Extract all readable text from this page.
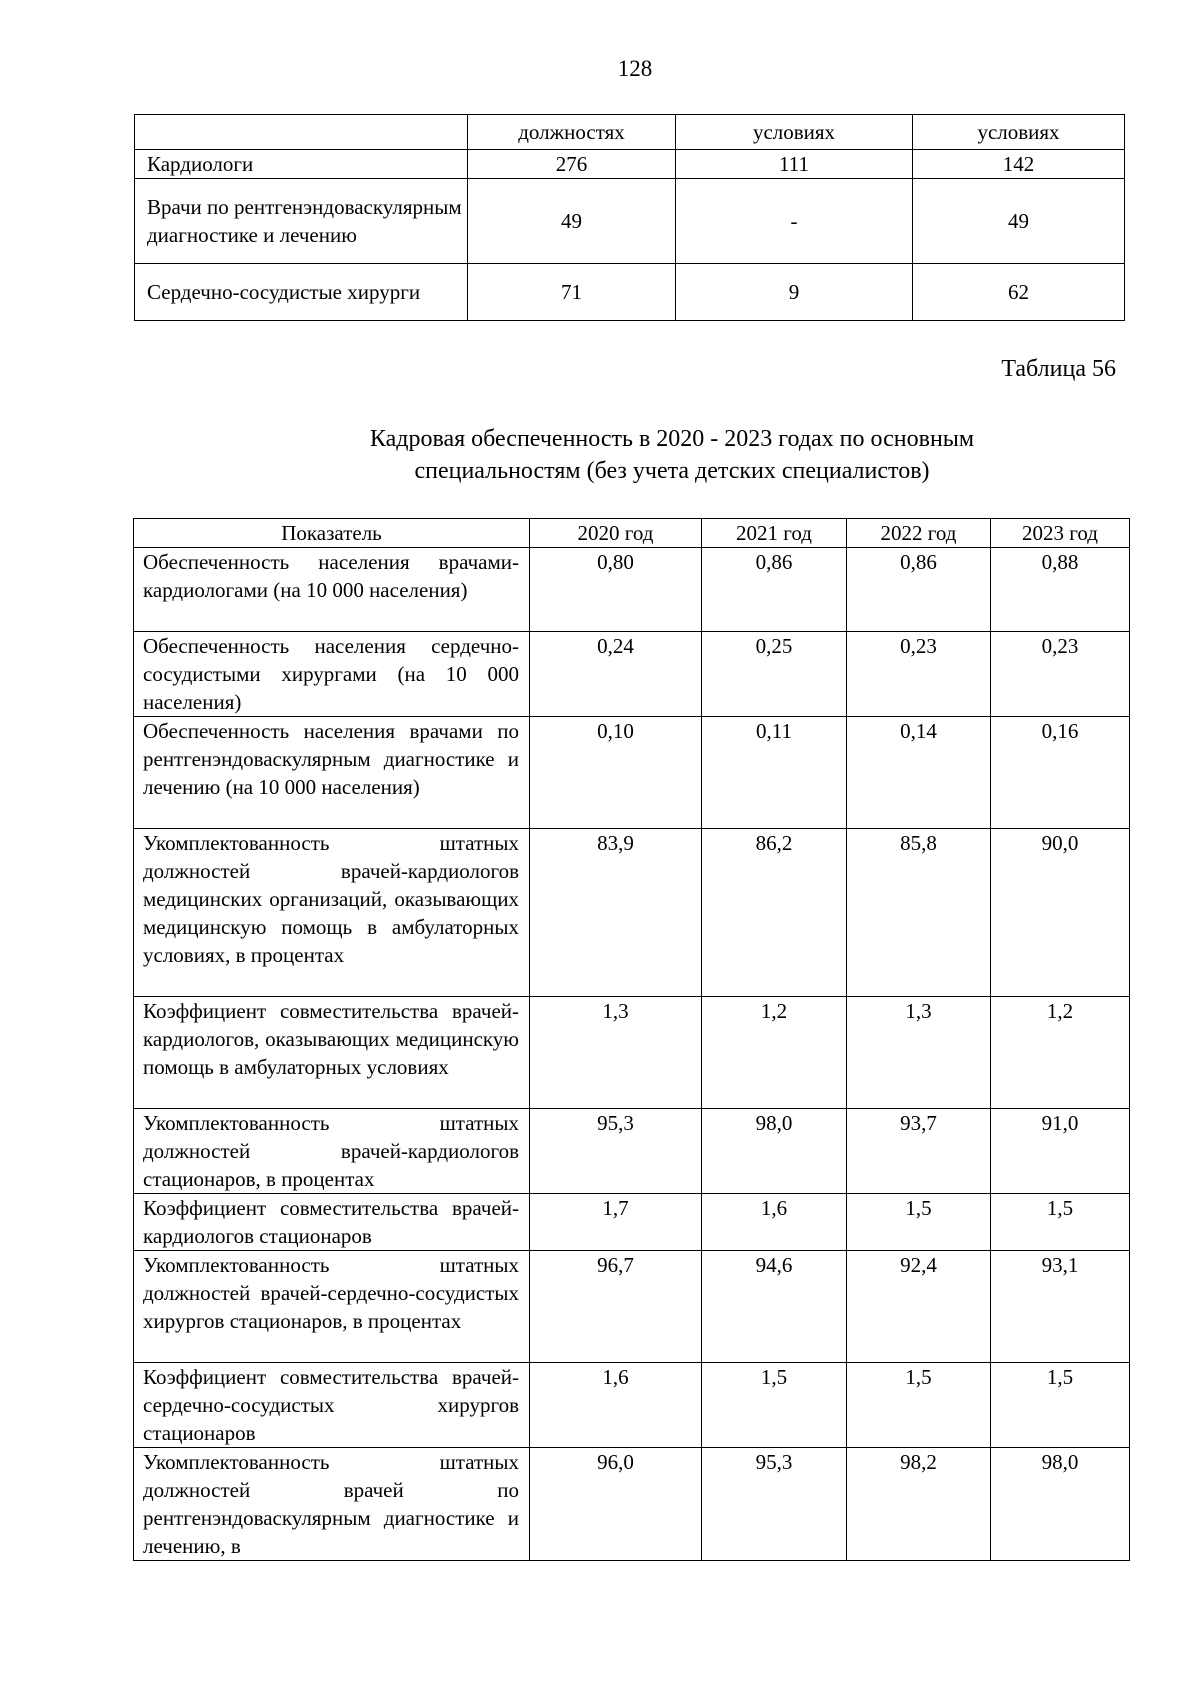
128
	должностях	условиях	условиях
Кардиологи	276	111	142
Врачи по рентгенэндоваскулярным диагностике и лечению	49	-	49
Сердечно-сосудистые хирурги	71	9	62
Таблица 56
Кадровая обеспеченность в 2020 - 2023 годах по основным
специальностям (без учета детских специалистов)
Показатель	2020 год	2021 год	2022 год	2023 год
Обеспеченность населения врачами-кардиологами (на 10 000 населения)	0,80	0,86	0,86	0,88
Обеспеченность населения сердечно-сосудистыми хирургами (на 10 000 населения)	0,24	0,25	0,23	0,23
Обеспеченность населения врачами по рентгенэндоваскулярным диагностике и лечению (на 10 000 населения)	0,10	0,11	0,14	0,16
Укомплектованность штатных должностей врачей-кардиологов медицинских организаций, оказывающих медицинскую помощь в амбулаторных условиях, в процентах	83,9	86,2	85,8	90,0
Коэффициент совместительства врачей-кардиологов, оказывающих медицинскую помощь в амбулаторных условиях	1,3	1,2	1,3	1,2
Укомплектованность штатных должностей врачей-кардиологов стационаров, в процентах	95,3	98,0	93,7	91,0
Коэффициент совместительства врачей-кардиологов стационаров	1,7	1,6	1,5	1,5
Укомплектованность штатных должностей врачей-сердечно-сосудистых хирургов стационаров, в процентах	96,7	94,6	92,4	93,1
Коэффициент совместительства врачей-сердечно-сосудистых хирургов стационаров	1,6	1,5	1,5	1,5
Укомплектованность штатных должностей врачей по рентгенэндоваскулярным диагностике и лечению, в	96,0	95,3	98,2	98,0
